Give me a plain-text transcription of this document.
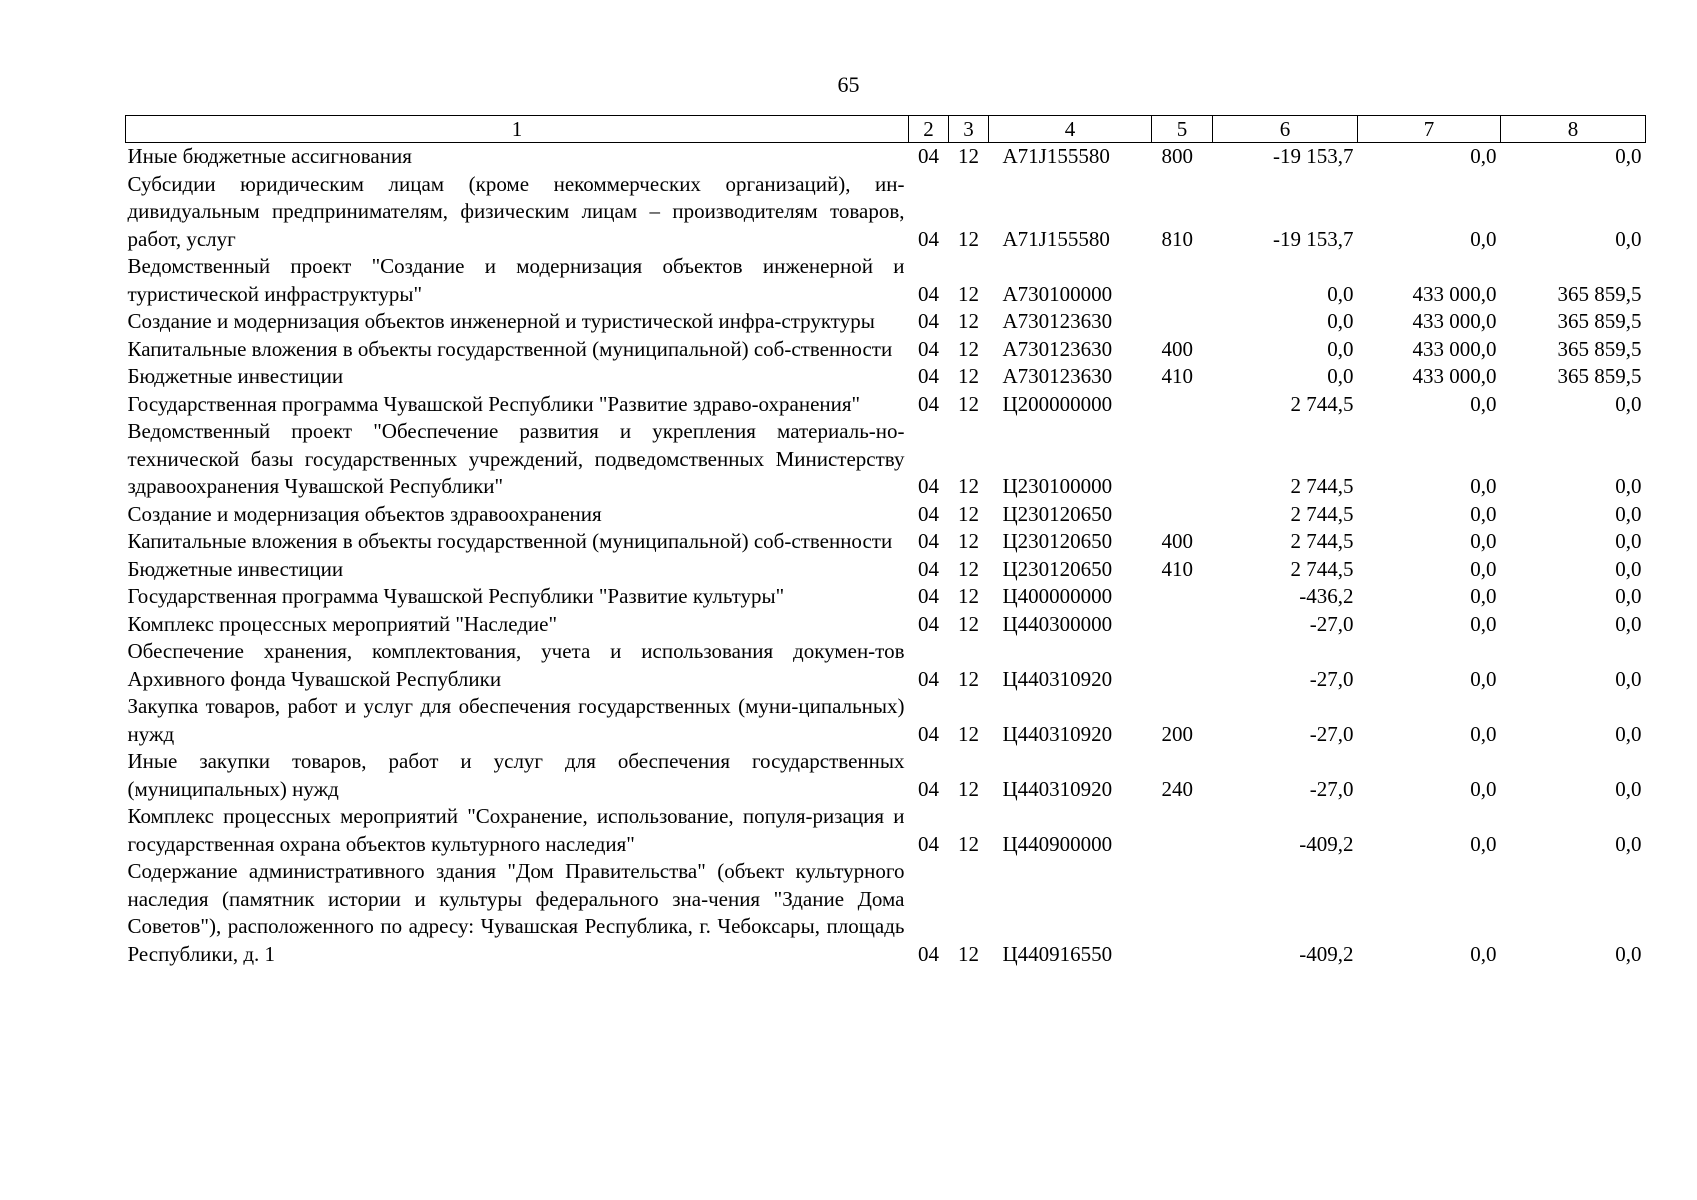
65
1	2	3	4	5	6	7	8
Иные бюджетные ассигнования	04	12	A71J155580	800	-19 153,7	0,0	0,0
Субсидии юридическим лицам (кроме некоммерческих организаций), ин-дивидуальным предпринимателям, физическим лицам – производителям товаров, работ, услуг	04	12	A71J155580	810	-19 153,7	0,0	0,0
Ведомственный проект "Создание и модернизация объектов инженерной и туристической инфраструктуры"	04	12	A730100000		0,0	433 000,0	365 859,5
Создание и модернизация объектов инженерной и туристической инфра-структуры	04	12	A730123630		0,0	433 000,0	365 859,5
Капитальные вложения в объекты государственной (муниципальной) соб-ственности	04	12	A730123630	400	0,0	433 000,0	365 859,5
Бюджетные инвестиции	04	12	A730123630	410	0,0	433 000,0	365 859,5
Государственная программа Чувашской Республики "Развитие здраво-охранения"	04	12	Ц200000000		2 744,5	0,0	0,0
Ведомственный проект "Обеспечение развития и укрепления материаль-но-технической базы государственных учреждений, подведомственных Министерству здравоохранения Чувашской Республики"	04	12	Ц230100000		2 744,5	0,0	0,0
Создание и модернизация объектов здравоохранения	04	12	Ц230120650		2 744,5	0,0	0,0
Капитальные вложения в объекты государственной (муниципальной) соб-ственности	04	12	Ц230120650	400	2 744,5	0,0	0,0
Бюджетные инвестиции	04	12	Ц230120650	410	2 744,5	0,0	0,0
Государственная программа Чувашской Республики "Развитие культуры"	04	12	Ц400000000		-436,2	0,0	0,0
Комплекс процессных мероприятий "Наследие"	04	12	Ц440300000		-27,0	0,0	0,0
Обеспечение хранения, комплектования, учета и использования докумен-тов Архивного фонда Чувашской Республики	04	12	Ц440310920		-27,0	0,0	0,0
Закупка товаров, работ и услуг для обеспечения государственных (муни-ципальных) нужд	04	12	Ц440310920	200	-27,0	0,0	0,0
Иные закупки товаров, работ и услуг для обеспечения государственных (муниципальных) нужд	04	12	Ц440310920	240	-27,0	0,0	0,0
Комплекс процессных мероприятий "Сохранение, использование, популя-ризация и государственная охрана объектов культурного наследия"	04	12	Ц440900000		-409,2	0,0	0,0
Содержание административного здания "Дом Правительства" (объект культурного наследия (памятник истории и культуры федерального зна-чения "Здание Дома Советов"), расположенного по адресу: Чувашская Республика, г. Чебоксары, площадь Республики, д. 1	04	12	Ц440916550		-409,2	0,0	0,0
